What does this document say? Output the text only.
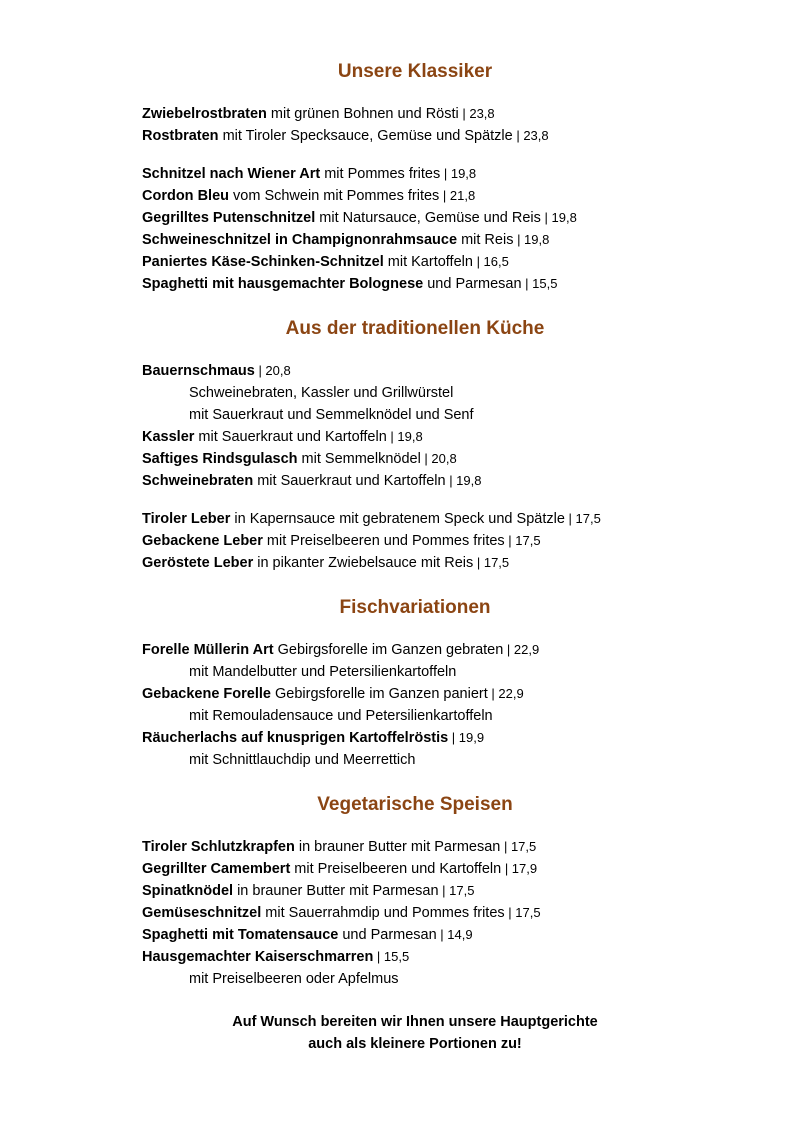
Unsere Klassiker
Zwiebelrostbraten mit grünen Bohnen und Rösti | 23,8
Rostbraten mit Tiroler Specksauce, Gemüse und Spätzle | 23,8
Schnitzel nach Wiener Art mit Pommes frites | 19,8
Cordon Bleu vom Schwein mit Pommes frites | 21,8
Gegrilltes Putenschnitzel mit Natursauce, Gemüse und Reis | 19,8
Schweineschnitzel in Champignonrahmsauce mit Reis | 19,8
Paniertes Käse-Schinken-Schnitzel mit Kartoffeln | 16,5
Spaghetti mit hausgemachter Bolognese und Parmesan | 15,5
Aus der traditionellen Küche
Bauernschmaus | 20,8
Schweinebraten, Kassler und Grillwürstel
mit Sauerkraut und Semmelknödel und Senf
Kassler mit Sauerkraut und Kartoffeln | 19,8
Saftiges Rindsgulasch mit Semmelknödel | 20,8
Schweinebraten mit Sauerkraut und Kartoffeln | 19,8
Tiroler Leber in Kapernsauce mit gebratenem Speck und Spätzle | 17,5
Gebackene Leber mit Preiselbeeren und Pommes frites | 17,5
Geröstete Leber in pikanter Zwiebelsauce mit Reis | 17,5
Fischvariationen
Forelle Müllerin Art Gebirgsforelle im Ganzen gebraten | 22,9
mit Mandelbutter und Petersilienkartoffeln
Gebackene Forelle Gebirgsforelle im Ganzen paniert | 22,9
mit Remouladensauce und Petersilienkartoffeln
Räucherlachs auf knusprigen Kartoffelröstis | 19,9
mit Schnittlauchdip und Meerrettich
Vegetarische Speisen
Tiroler Schlutzkrapfen in brauner Butter mit Parmesan | 17,5
Gegrillter Camembert mit Preiselbeeren und Kartoffeln | 17,9
Spinatknödel in brauner Butter mit Parmesan | 17,5
Gemüseschnitzel mit Sauerrahmdip und Pommes frites | 17,5
Spaghetti mit Tomatensauce und Parmesan | 14,9
Hausgemachter Kaiserschmarren | 15,5
mit Preiselbeeren oder Apfelmus
Auf Wunsch bereiten wir Ihnen unsere Hauptgerichte
auch als kleinere Portionen zu!
